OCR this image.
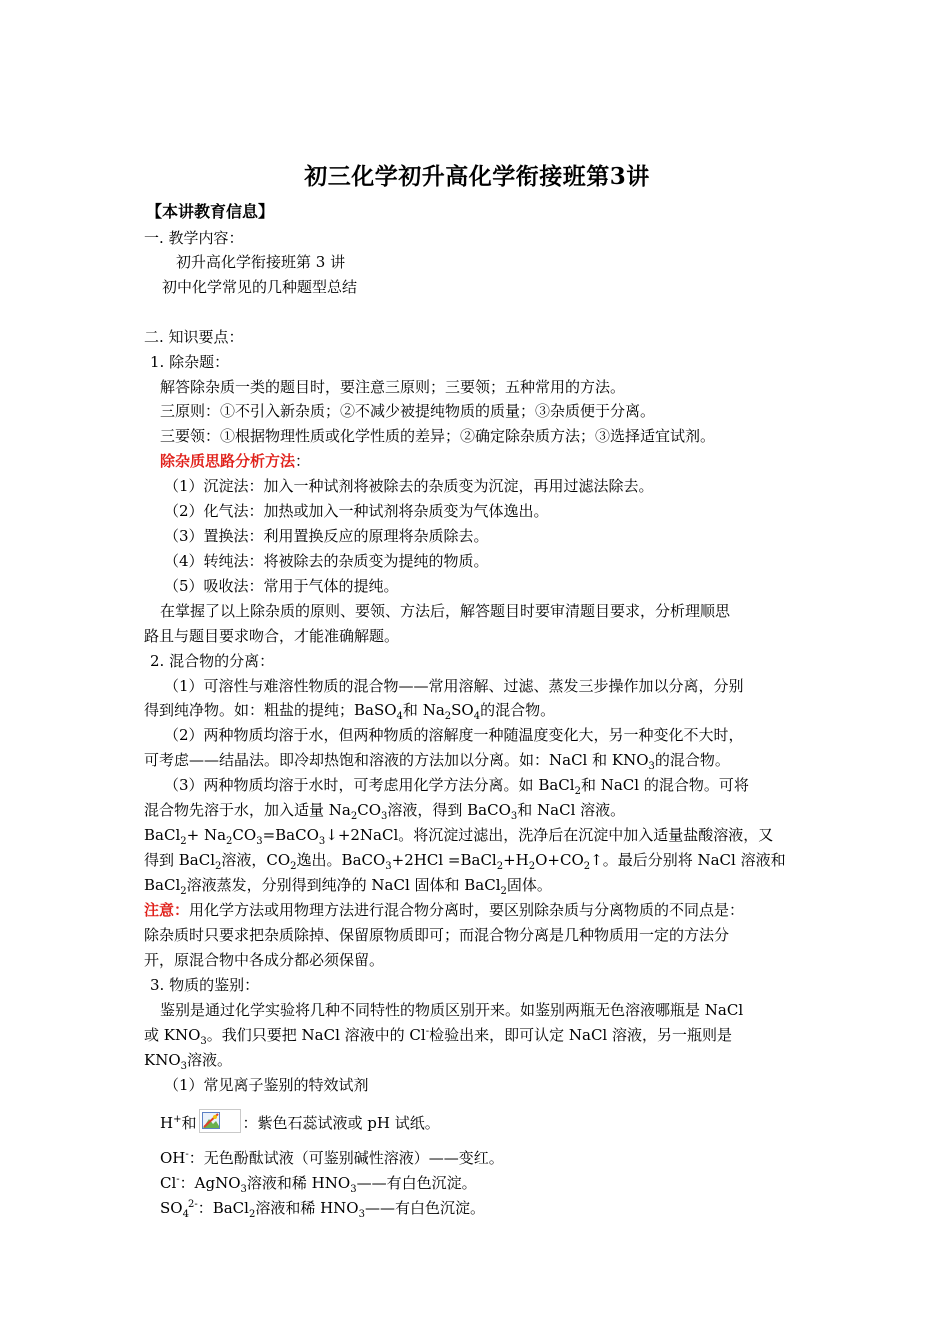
初三化学初升高化学衔接班第3讲
【本讲教育信息】
一. 教学内容：
初升高化学衔接班第 3 讲
初中化学常见的几种题型总结
二. 知识要点：
1. 除杂题：
解答除杂质一类的题目时，要注意三原则；三要领；五种常用的方法。
三原则：①不引入新杂质；②不减少被提纯物质的质量；③杂质便于分离。
三要领：①根据物理性质或化学性质的差异；②确定除杂质方法；③选择适宜试剂。
除杂质思路分析方法：
（1）沉淀法：加入一种试剂将被除去的杂质变为沉淀，再用过滤法除去。
（2）化气法：加热或加入一种试剂将杂质变为气体逸出。
（3）置换法：利用置换反应的原理将杂质除去。
（4）转纯法：将被除去的杂质变为提纯的物质。
（5）吸收法：常用于气体的提纯。
在掌握了以上除杂质的原则、要领、方法后，解答题目时要审清题目要求，分析理顺思
路且与题目要求吻合，才能准确解题。
2. 混合物的分离：
（1）可溶性与难溶性物质的混合物——常用溶解、过滤、蒸发三步操作加以分离，分别
得到纯净物。如：粗盐的提纯；BaSO$_4$和 $Na_2SO_4$的混合物。
（2）两种物质均溶于水，但两种物质的溶解度一种随温度变化大，另一种变化不大时，
可考虑——结晶法。即冷却热饱和溶液的方法加以分离。如：NaCl 和 $KNO_3$的混合物。
（3）两种物质均溶于水时，可考虑用化学方法分离。如 BaCl$_2$和 NaCl 的混合物。可将
混合物先溶于水，加入适量 $Na_2CO_3$溶液，得到 BaCO$_3$和 NaCl 溶液。
BaCl$_2$+ $Na_2CO_3=BaCO_3↓+2NaCl$。将沉淀过滤出，洗净后在沉淀中加入适量盐酸溶液，又
得到 BaCl$_2$溶液，$CO_2$逸出。BaCO$_3$+2HCl $=BaCl_2+H_2O+CO_2↑$。最后分别将 NaCl 溶液和
BaCl$_2$溶液蒸发，分别得到纯净的 NaCl 固体和 BaCl$_2$固体。
注意：用化学方法或用物理方法进行混合物分离时，要区别除杂质与分离物质的不同点是：
除杂质时只要求把杂质除掉、保留原物质即可；而混合物分离是几种物质用一定的方法分
开，原混合物中各成分都必须保留。
3. 物质的鉴别：
鉴别是通过化学实验将几种不同特性的物质区别开来。如鉴别两瓶无色溶液哪瓶是 NaCl
或 $KNO_3$。我们只要把 NaCl 溶液中的 Cl-检验出来，即可认定 NaCl 溶液，另一瓶则是
$KNO_3$溶液。
（1）常见离子鉴别的特效试剂
H+和	：紫色石蕊试液或 pH 试纸。
OH-：无色酚酞试液（可鉴别碱性溶液）——变红。
Cl-：AgNO$_3$溶液和稀 $HNO_3——$有白色沉淀。
$SO_4^{2-}$：BaCl$_2$溶液和稀 $HNO_3——$有白色沉淀。
